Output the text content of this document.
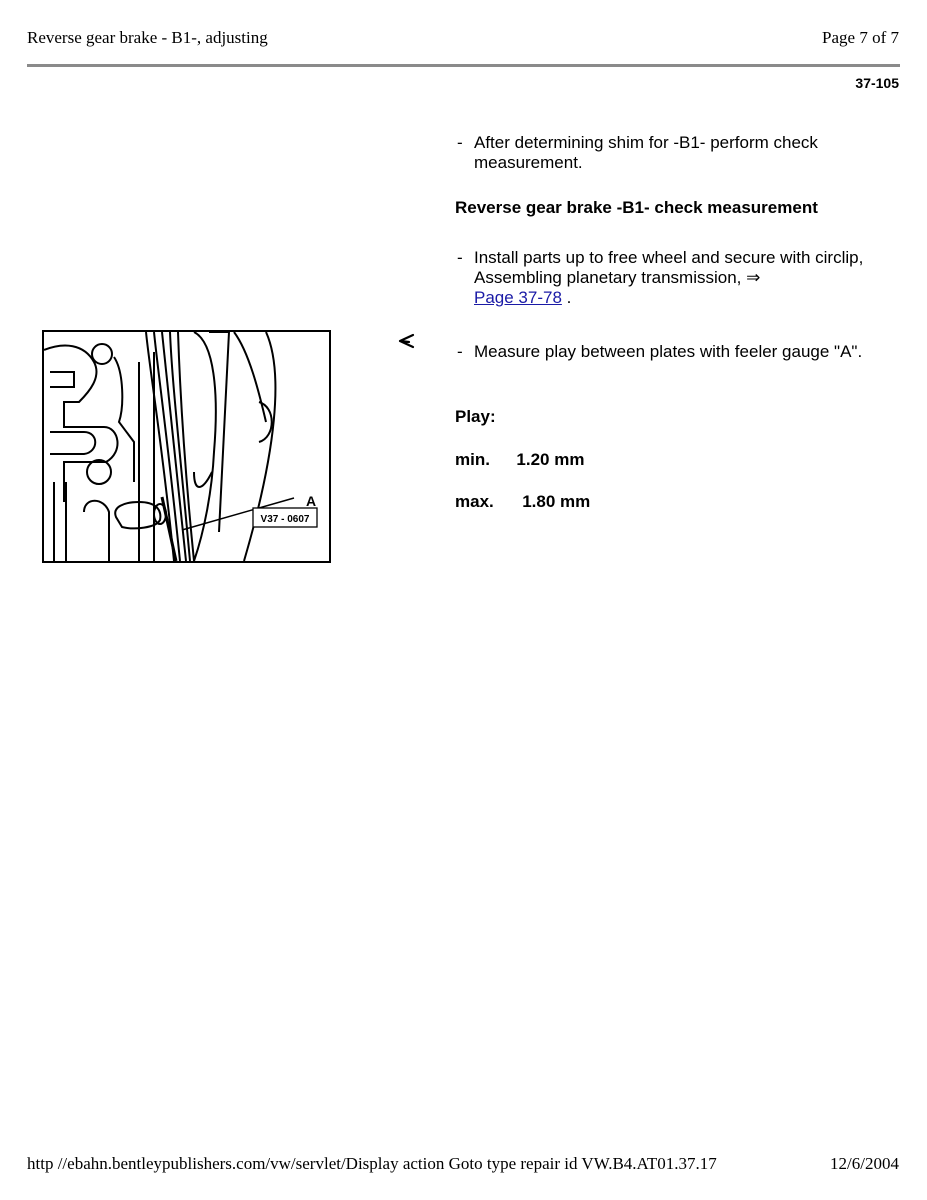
Reverse gear brake - B1-, adjusting	Page 7 of 7
37-105
- After determining shim for -B1- perform check measurement.
Reverse gear brake -B1- check measurement
- Install parts up to free wheel and secure with circlip, Assembling planetary transmission, ⇒
Page 37-78 .
- Measure play between plates with feeler gauge "A".
Play:
min. 1.20 mm
max. 1.80 mm
V37 - 0607
A
http //ebahn.bentleypublishers.com/vw/servlet/Display action Goto type repair id VW.B4.AT01.37.17	12/6/2004
